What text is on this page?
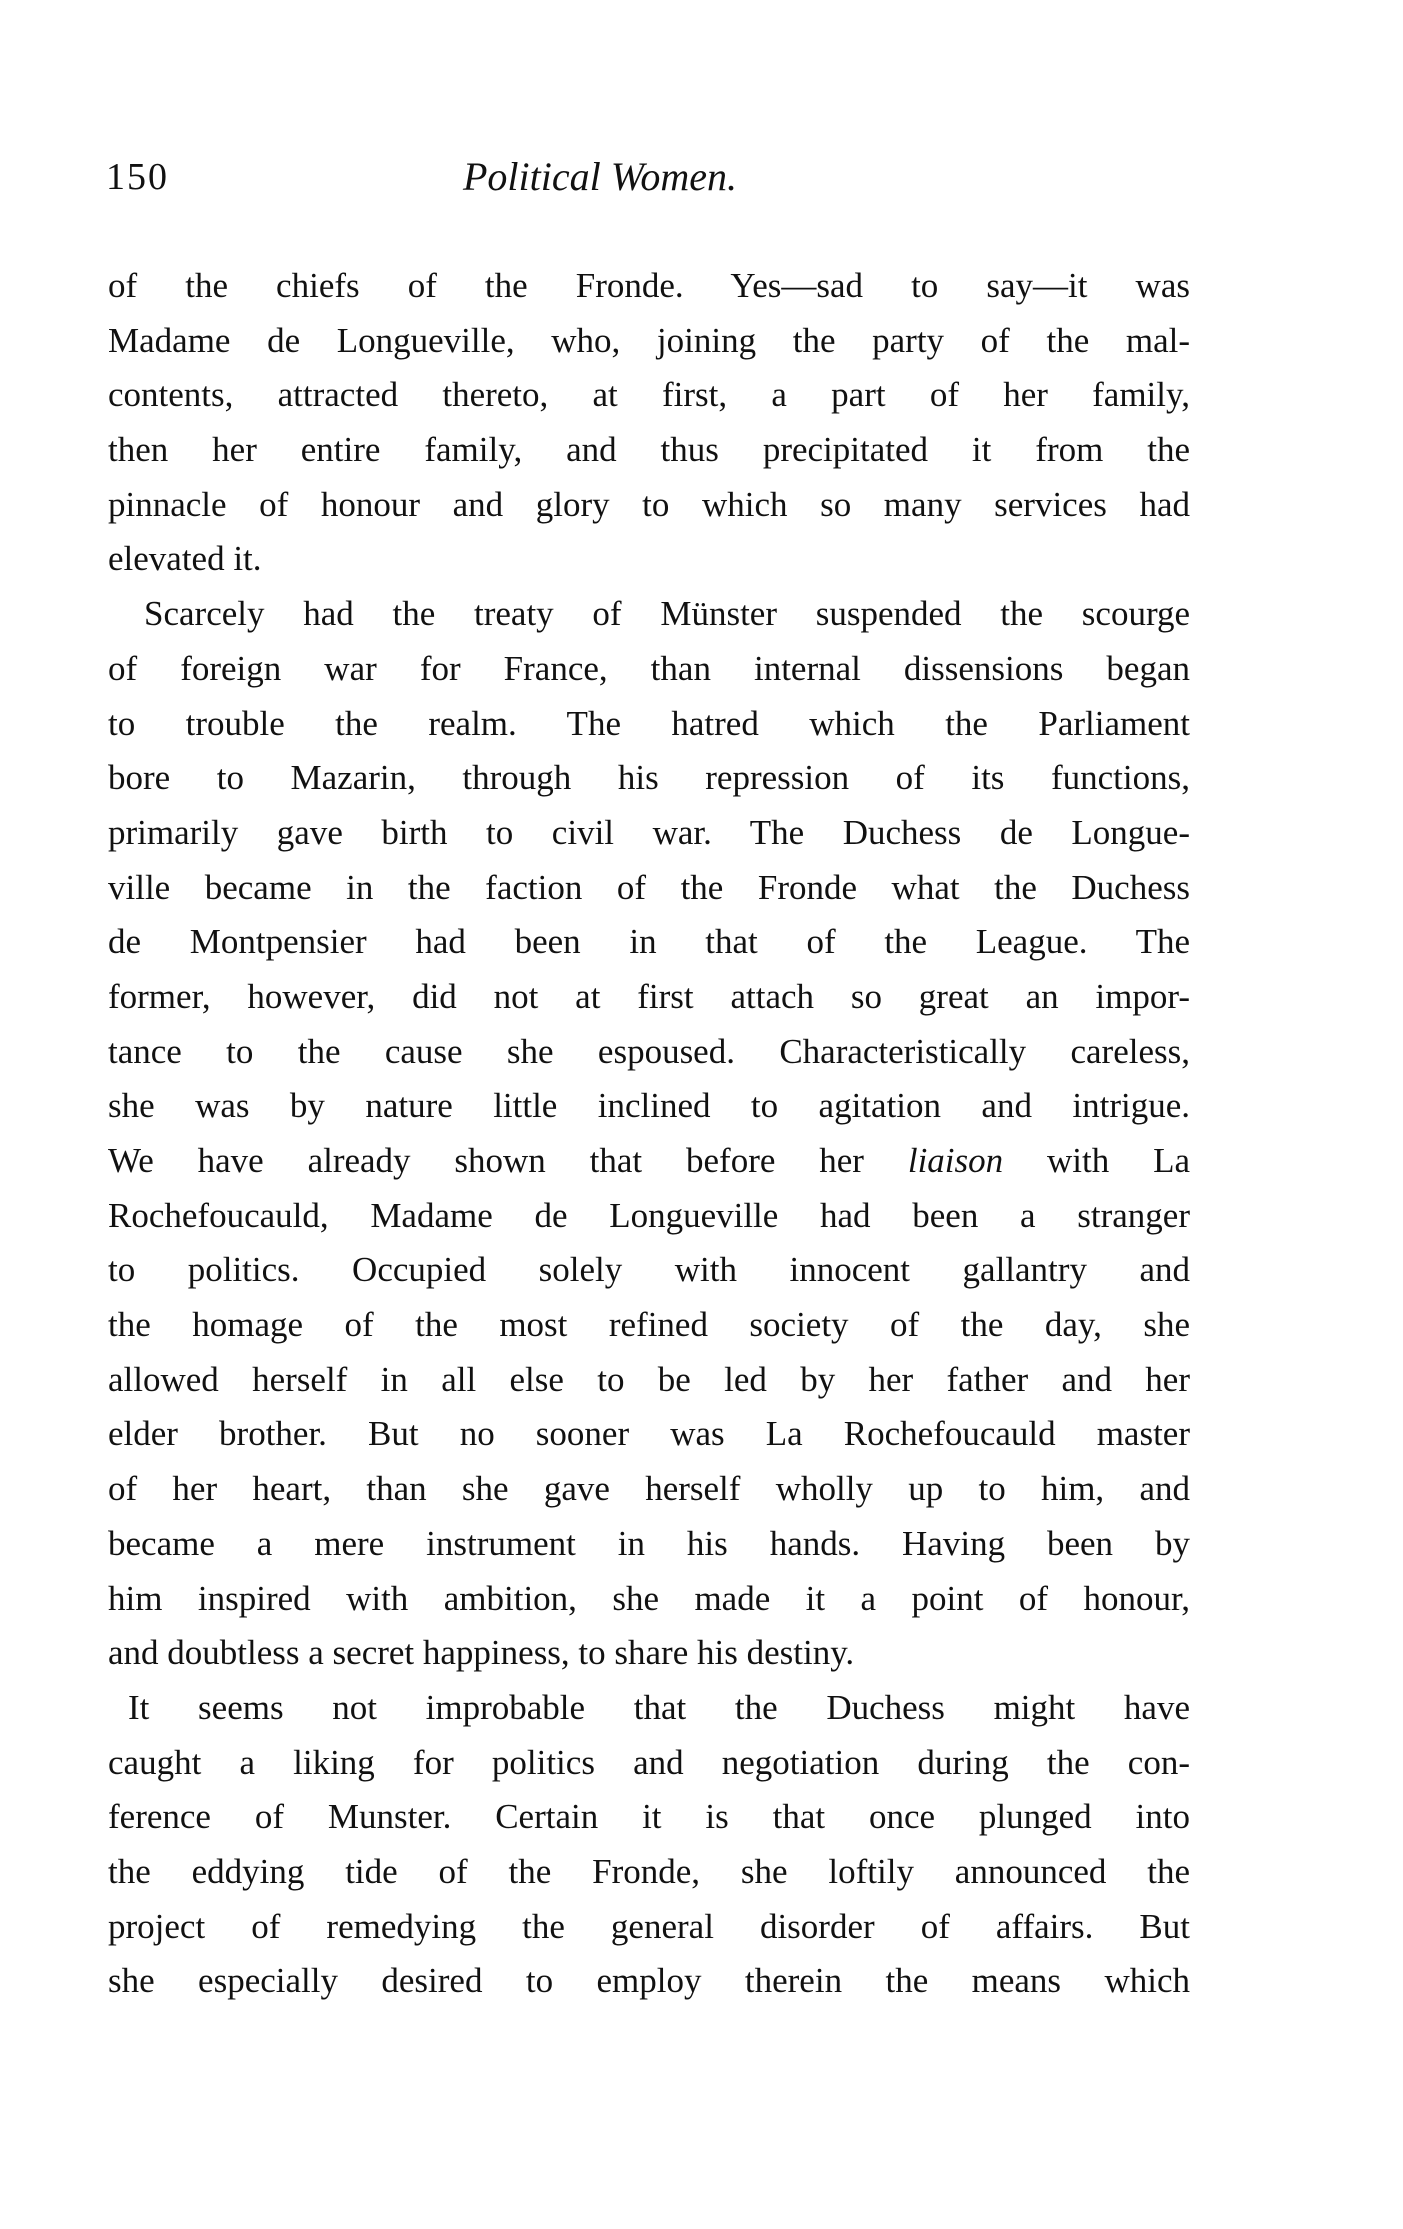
150	Political Women.
of the chiefs of the Fronde. Yes—sad to say—it was
Madame de Longueville, who, joining the party of the mal-
contents, attracted thereto, at first, a part of her family,
then her entire family, and thus precipitated it from the
pinnacle of honour and glory to which so many services had
elevated it.
Scarcely had the treaty of Münster suspended the scourge
of foreign war for France, than internal dissensions began
to trouble the realm. The hatred which the Parliament
bore to Mazarin, through his repression of its functions,
primarily gave birth to civil war. The Duchess de Longue-
ville became in the faction of the Fronde what the Duchess
de Montpensier had been in that of the League. The
former, however, did not at first attach so great an impor-
tance to the cause she espoused. Characteristically careless,
she was by nature little inclined to agitation and intrigue.
We have already shown that before her liaison with La
Rochefoucauld, Madame de Longueville had been a stranger
to politics. Occupied solely with innocent gallantry and
the homage of the most refined society of the day, she
allowed herself in all else to be led by her father and her
elder brother. But no sooner was La Rochefoucauld master
of her heart, than she gave herself wholly up to him, and
became a mere instrument in his hands. Having been by
him inspired with ambition, she made it a point of honour,
and doubtless a secret happiness, to share his destiny.
It seems not improbable that the Duchess might have
caught a liking for politics and negotiation during the con-
ference of Munster. Certain it is that once plunged into
the eddying tide of the Fronde, she loftily announced the
project of remedying the general disorder of affairs. But
she especially desired to employ therein the means which
